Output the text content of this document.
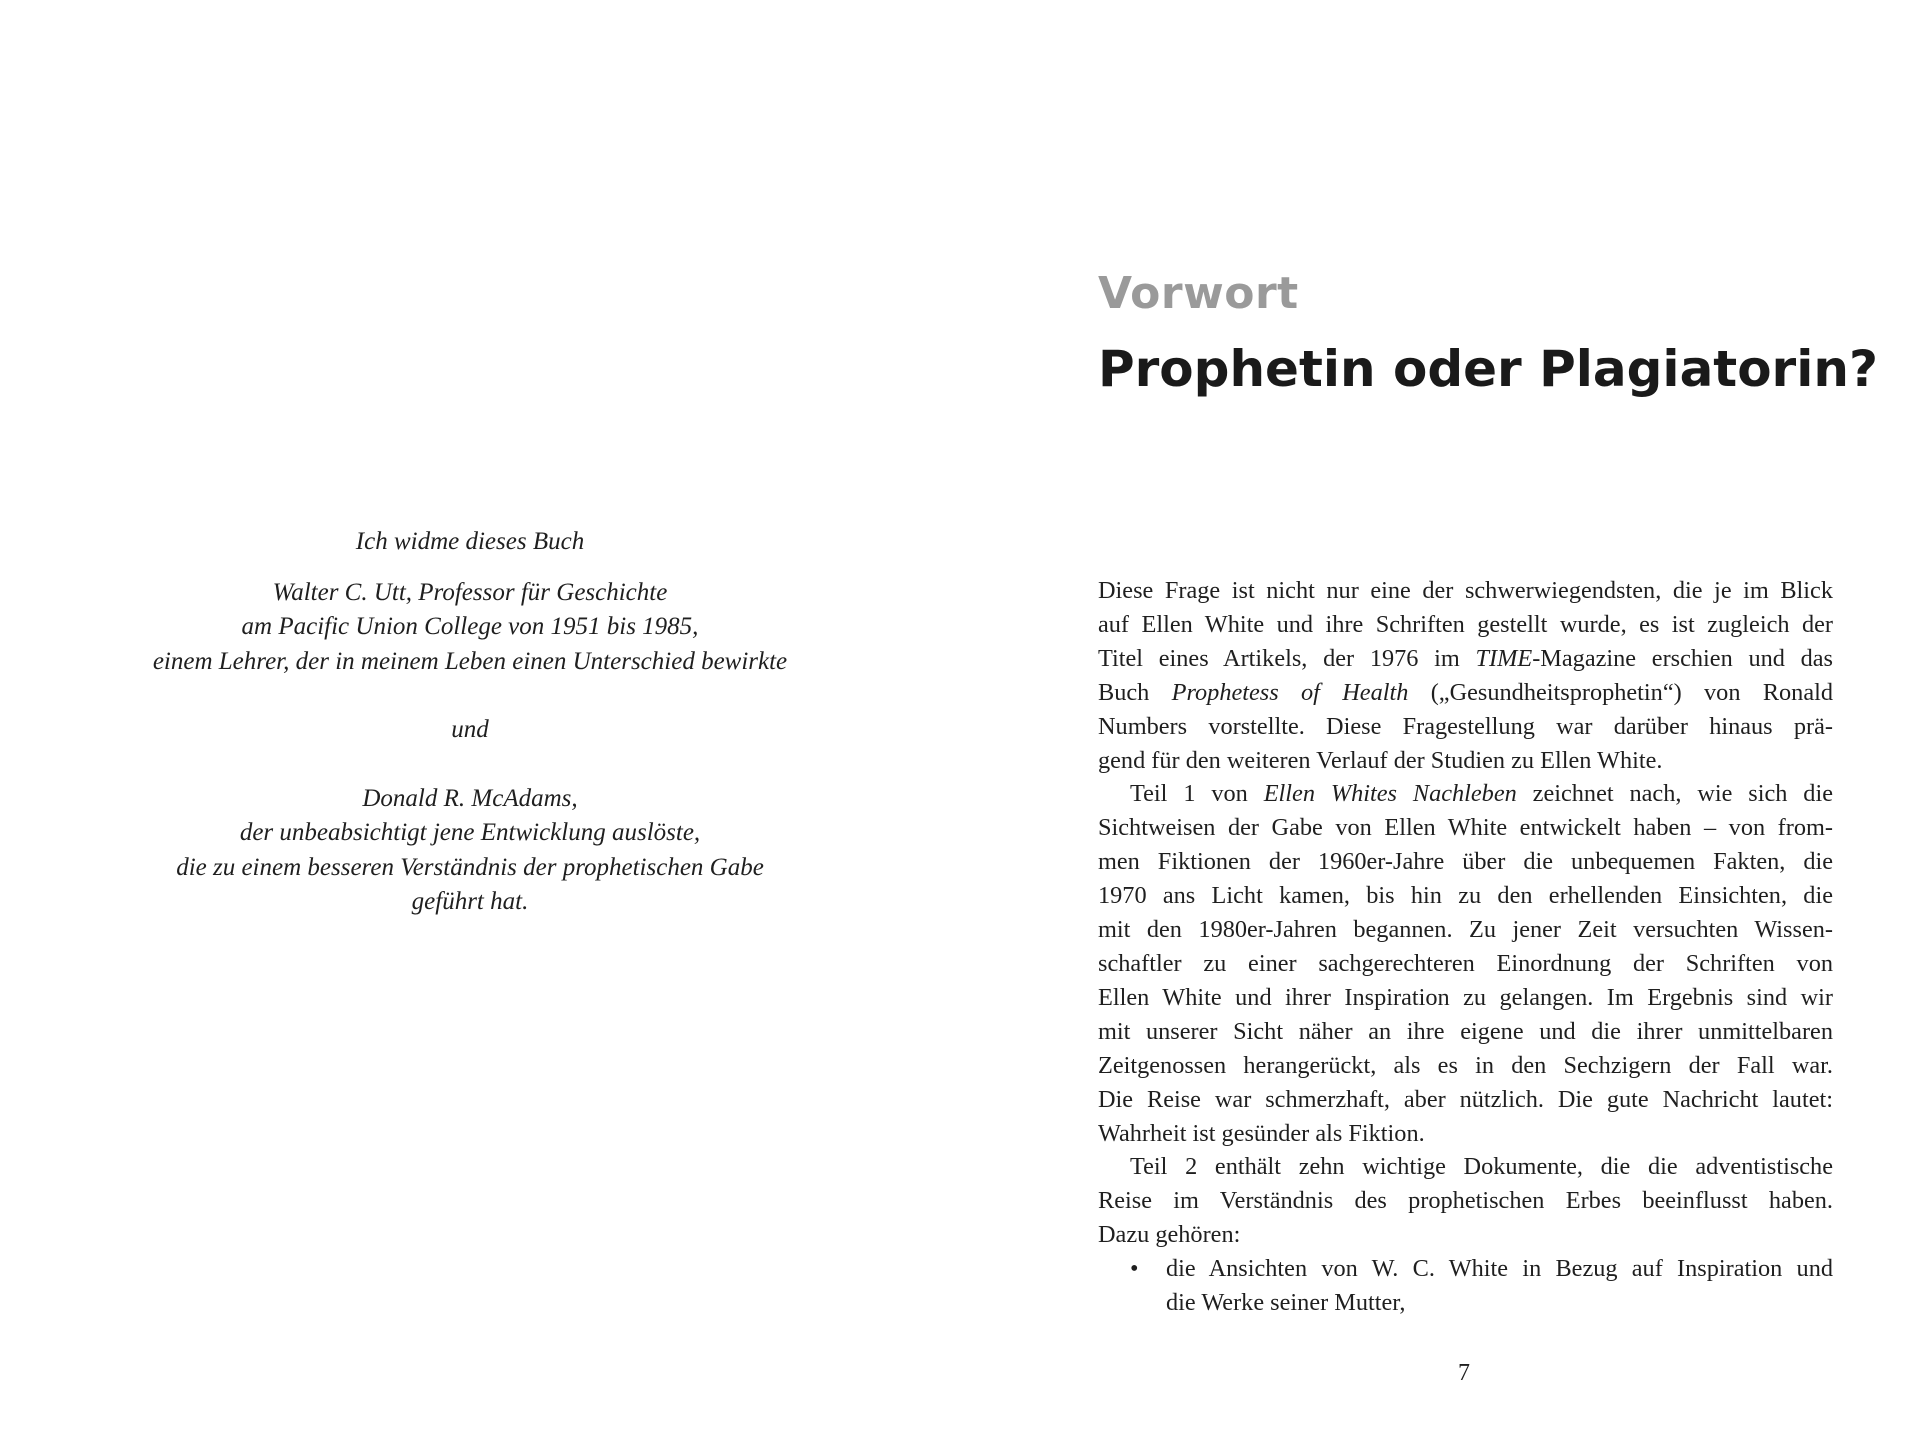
Ich widme dieses Buch
Walter C. Utt, Professor für Geschichte
am Pacific Union College von 1951 bis 1985,
einem Lehrer, der in meinem Leben einen Unterschied bewirkte
und
Donald R. McAdams,
der unbeabsichtigt jene Entwicklung auslöste,
die zu einem besseren Verständnis der prophetischen Gabe
geführt hat.
Vorwort
Prophetin oder Plagiatorin?
Diese Frage ist nicht nur eine der schwerwiegendsten, die je im Blick
auf Ellen White und ihre Schriften gestellt wurde, es ist zugleich der
Titel eines Artikels, der 1976 im TIME-Magazine erschien und das
Buch Prophetess of Health („Gesundheitsprophetin“) von Ronald
Numbers vorstellte. Diese Fragestellung war darüber hinaus prä-
gend für den weiteren Verlauf der Studien zu Ellen White.
Teil 1 von Ellen Whites Nachleben zeichnet nach, wie sich die
Sichtweisen der Gabe von Ellen White entwickelt haben – von from-
men Fiktionen der 1960er-Jahre über die unbequemen Fakten, die
1970 ans Licht kamen, bis hin zu den erhellenden Einsichten, die
mit den 1980er-Jahren begannen. Zu jener Zeit versuchten Wissen-
schaftler zu einer sachgerechteren Einordnung der Schriften von
Ellen White und ihrer Inspiration zu gelangen. Im Ergebnis sind wir
mit unserer Sicht näher an ihre eigene und die ihrer unmittelbaren
Zeitgenossen herangerückt, als es in den Sechzigern der Fall war.
Die Reise war schmerzhaft, aber nützlich. Die gute Nachricht lautet:
Wahrheit ist gesünder als Fiktion.
Teil 2 enthält zehn wichtige Dokumente, die die adventistische
Reise im Verständnis des prophetischen Erbes beeinflusst haben.
Dazu gehören:
• die Ansichten von W. C. White in Bezug auf Inspiration und
die Werke seiner Mutter,
7
